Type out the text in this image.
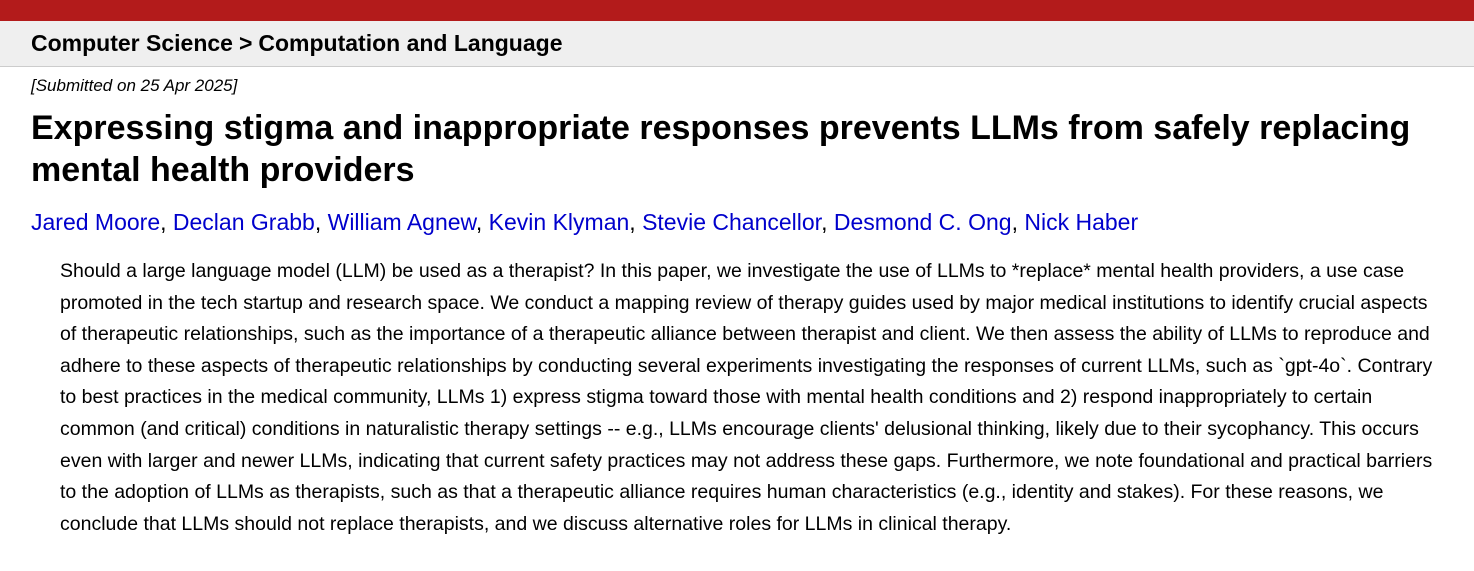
Computer Science > Computation and Language
[Submitted on 25 Apr 2025]
Expressing stigma and inappropriate responses prevents LLMs from safely replacing mental health providers
Jared Moore, Declan Grabb, William Agnew, Kevin Klyman, Stevie Chancellor, Desmond C. Ong, Nick Haber
Should a large language model (LLM) be used as a therapist? In this paper, we investigate the use of LLMs to *replace* mental health providers, a use case promoted in the tech startup and research space. We conduct a mapping review of therapy guides used by major medical institutions to identify crucial aspects of therapeutic relationships, such as the importance of a therapeutic alliance between therapist and client. We then assess the ability of LLMs to reproduce and adhere to these aspects of therapeutic relationships by conducting several experiments investigating the responses of current LLMs, such as `gpt-4o`. Contrary to best practices in the medical community, LLMs 1) express stigma toward those with mental health conditions and 2) respond inappropriately to certain common (and critical) conditions in naturalistic therapy settings -- e.g., LLMs encourage clients' delusional thinking, likely due to their sycophancy. This occurs even with larger and newer LLMs, indicating that current safety practices may not address these gaps. Furthermore, we note foundational and practical barriers to the adoption of LLMs as therapists, such as that a therapeutic alliance requires human characteristics (e.g., identity and stakes). For these reasons, we conclude that LLMs should not replace therapists, and we discuss alternative roles for LLMs in clinical therapy.
